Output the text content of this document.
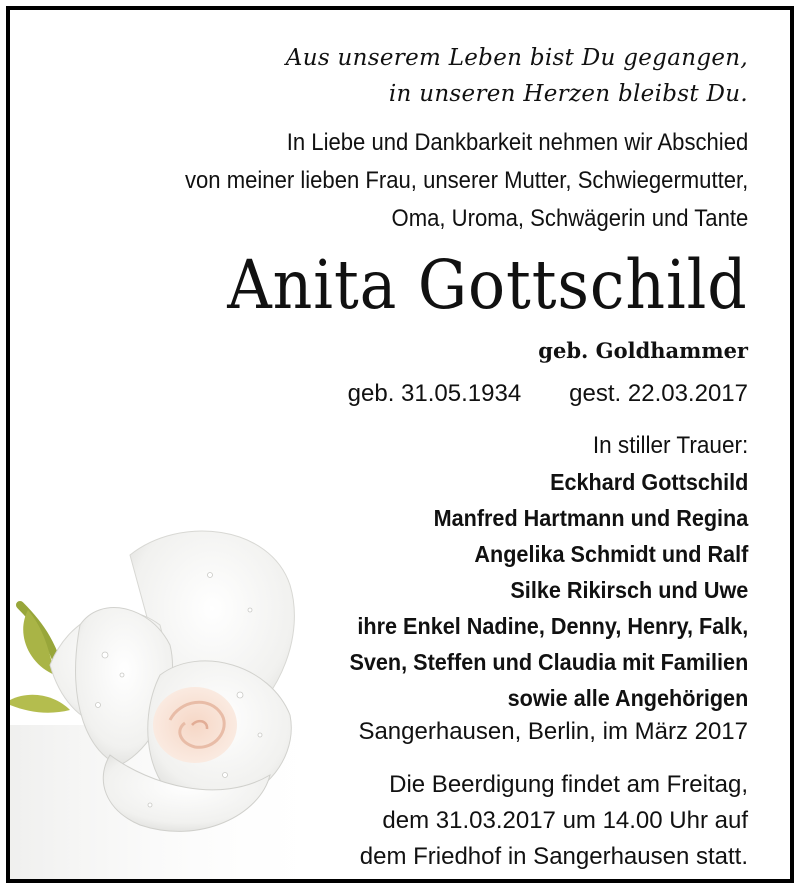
Aus unserem Leben bist Du gegangen,
in unseren Herzen bleibst Du.
In Liebe und Dankbarkeit nehmen wir Abschied
von meiner lieben Frau, unserer Mutter, Schwiegermutter,
Oma, Uroma, Schwägerin und Tante
Anita Gottschild
geb. Goldhammer
geb. 31.05.1934 gest. 22.03.2017
In stiller Trauer:
Eckhard Gottschild
Manfred Hartmann und Regina
Angelika Schmidt und Ralf
Silke Rikirsch und Uwe
ihre Enkel Nadine, Denny, Henry, Falk,
Sven, Steffen und Claudia mit Familien
sowie alle Angehörigen
Sangerhausen, Berlin, im März 2017
Die Beerdigung findet am Freitag,
dem 31.03.2017 um 14.00 Uhr auf
dem Friedhof in Sangerhausen statt.
